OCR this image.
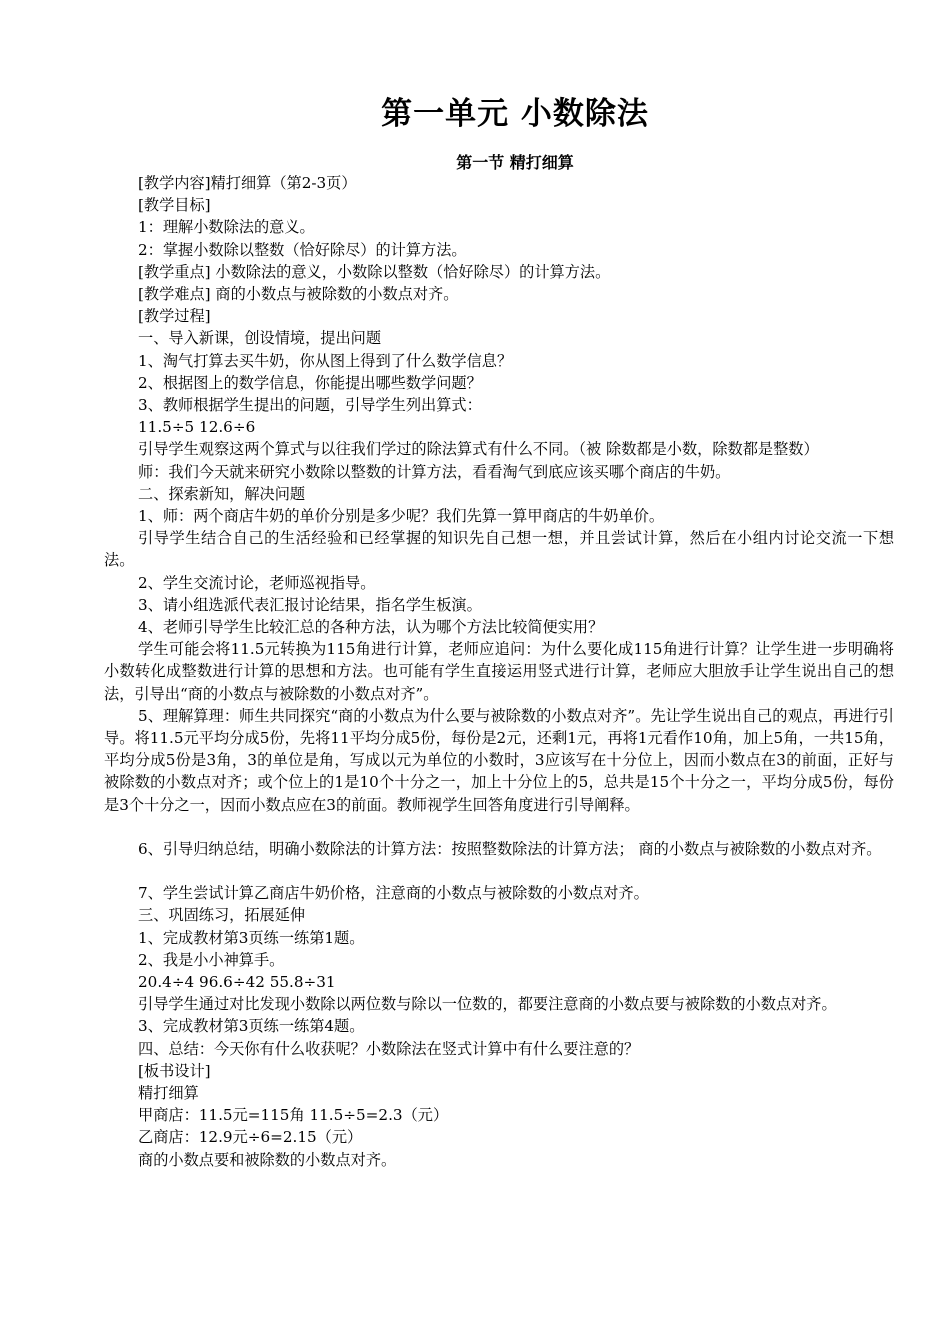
第一单元 小数除法
第一节 精打细算

[教学内容]精打细算（第2-3页）

[教学目标]

1：理解小数除法的意义。

2：掌握小数除以整数（恰好除尽）的计算方法。

[教学重点] 小数除法的意义，小数除以整数（恰好除尽）的计算方法。

[教学难点] 商的小数点与被除数的小数点对齐。

[教学过程]

一、导入新课，创设情境，提出问题

1、淘气打算去买牛奶，你从图上得到了什么数学信息？

2、根据图上的数学信息，你能提出哪些数学问题？

3、教师根据学生提出的问题，引导学生列出算式：

11.5÷5 12.6÷6

引导学生观察这两个算式与以往我们学过的除法算式有什么不同。（被 除数都是小数，除数都是整数）

师：我们今天就来研究小数除以整数的计算方法，看看淘气到底应该买哪个商店的牛奶。

二、探索新知，解决问题

1、师：两个商店牛奶的单价分别是多少呢？我们先算一算甲商店的牛奶单价。

引导学生结合自己的生活经验和已经掌握的知识先自己想一想，并且尝试计算，然后在小组内讨论交流一下想法。

2、学生交流讨论，老师巡视指导。

3、请小组选派代表汇报讨论结果，指名学生板演。

4、老师引导学生比较汇总的各种方法，认为哪个方法比较简便实用？

学生可能会将11.5元转换为115角进行计算，老师应追问：为什么要化成115角进行计算？让学生进一步明确将小数转化成整数进行计算的思想和方法。也可能有学生直接运用竖式进行计算，老师应大胆放手让学生说出自己的想法，引导出“商的小数点与被除数的小数点对齐”。

5、理解算理：师生共同探究“商的小数点为什么要与被除数的小数点对齐”。先让学生说出自己的观点，再进行引导。将11.5元平均分成5份，先将11平均分成5份，每份是2元，还剩1元，再将1元看作10角，加上5角，一共15角，平均分成5份是3角，3的单位是角，写成以元为单位的小数时，3应该写在十分位上，因而小数点在3的前面，正好与被除数的小数点对齐；或个位上的1是10个十分之一，加上十分位上的5，总共是15个十分之一，平均分成5份，每份是3个十分之一，因而小数点应在3的前面。教师视学生回答角度进行引导阐释。

6、引导归纳总结，明确小数除法的计算方法：按照整数除法的计算方法； 商的小数点与被除数的小数点对齐。

7、学生尝试计算乙商店牛奶价格，注意商的小数点与被除数的小数点对齐。

三、巩固练习，拓展延伸

1、完成教材第3页练一练第1题。

2、我是小小神算手。

20.4÷4 96.6÷42 55.8÷31

引导学生通过对比发现小数除以两位数与除以一位数的，都要注意商的小数点要与被除数的小数点对齐。

3、完成教材第3页练一练第4题。

四、总结：今天你有什么收获呢？小数除法在竖式计算中有什么要注意的？

[板书设计]

精打细算

甲商店：11.5元=115角 11.5÷5=2.3（元）

乙商店：12.9元÷6=2.15（元）

商的小数点要和被除数的小数点对齐。
